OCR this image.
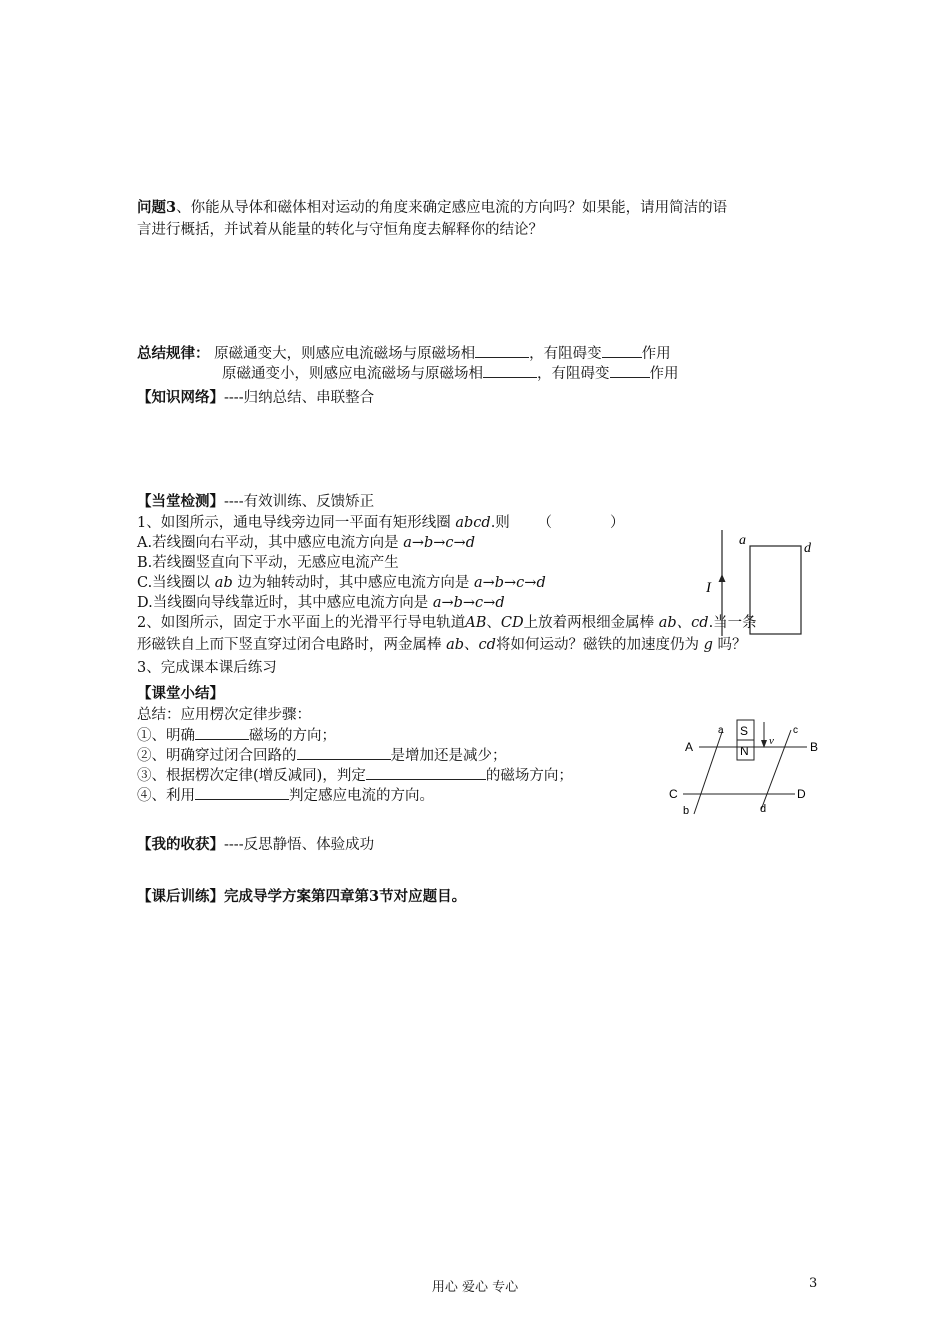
问题3、你能从导体和磁体相对运动的角度来确定感应电流的方向吗？如果能，请用简洁的语
言进行概括，并试着从能量的转化与守恒角度去解释你的结论？
总结规律： 原磁通变大，则感应电流磁场与原磁场相	，有阻碍变	作用
原磁通变小，则感应电流磁场与原磁场相	，有阻碍变	作用
【知识网络】----归纳总结、串联整合
【当堂检测】----有效训练、反馈矫正
1、如图所示，通电导线旁边同一平面有矩形线圈 abcd.则 （　　　　）
A.若线圈向右平动，其中感应电流方向是 a→b→c→d
B.若线圈竖直向下平动，无感应电流产生
C.当线圈以 ab 边为轴转动时，其中感应电流方向是 a→b→c→d
D.当线圈向导线靠近时，其中感应电流方向是 a→b→c→d
2、如图所示，固定于水平面上的光滑平行导电轨道AB、CD上放着两根细金属棒 ab、cd.当一条
形磁铁自上而下竖直穿过闭合电路时，两金属棒 ab、cd将如何运动？磁铁的加速度仍为 g 吗？
3、完成课本课后练习
【课堂小结】
总结：应用楞次定律步骤：
①、明确	磁场的方向；
②、明确穿过闭合回路的	是增加还是减少；
③、根据楞次定律(增反减同)，判定	的磁场方向；
④、利用	判定感应电流的方向。
【我的收获】----反思静悟、体验成功
【课后训练】完成导学方案第四章第3节对应题目。
a
d
I
S
N
v
A	B
C	D
a
b
c
d
用心 爱心 专心	3
